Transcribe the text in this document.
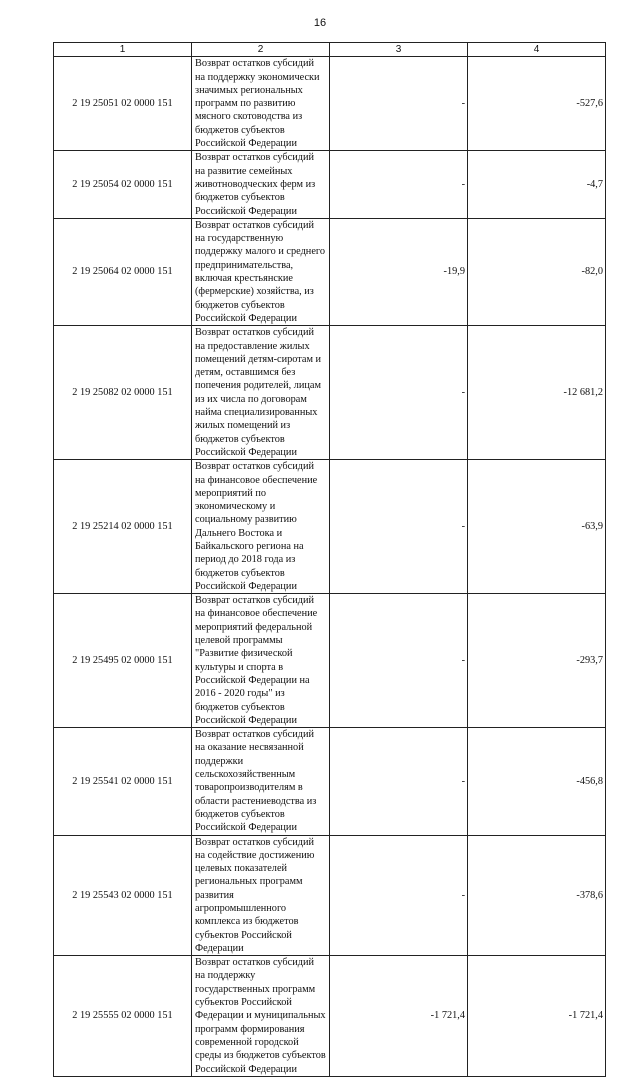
16
1	2	3	4
2 19 25051 02 0000 151	Возврат остатков субсидий на поддержку экономически значимых региональных программ по развитию мясного скотоводства из бюджетов субъектов Российской Федерации	-	-527,6
2 19 25054 02 0000 151	Возврат остатков субсидий на развитие семейных животноводческих ферм из бюджетов субъектов Российской Федерации	-	-4,7
2 19 25064 02 0000 151	Возврат остатков субсидий на государственную поддержку малого и среднего предпринимательства, включая крестьянские (фермерские) хозяйства, из бюджетов субъектов Российской Федерации	-19,9	-82,0
2 19 25082 02 0000 151	Возврат остатков субсидий на предоставление жилых помещений детям-сиротам и детям, оставшимся без попечения родителей, лицам из их числа по договорам найма специализированных жилых помещений из бюджетов субъектов Российской Федерации	-	-12 681,2
2 19 25214 02 0000 151	Возврат остатков субсидий на финансовое обеспечение мероприятий по экономическому и социальному развитию Дальнего Востока и Байкальского региона на период до 2018 года из бюджетов субъектов Российской Федерации	-	-63,9
2 19 25495 02 0000 151	Возврат остатков субсидий на финансовое обеспечение мероприятий федеральной целевой программы "Развитие физической культуры и спорта в Российской Федерации на 2016 - 2020 годы" из бюджетов субъектов Российской Федерации	-	-293,7
2 19 25541 02 0000 151	Возврат остатков субсидий на оказание несвязанной поддержки сельскохозяйственным товаропроизводителям в области растениеводства из бюджетов субъектов Российской Федерации	-	-456,8
2 19 25543 02 0000 151	Возврат остатков субсидий на содействие достижению целевых показателей региональных программ развития агропромышленного комплекса из бюджетов субъектов Российской Федерации	-	-378,6
2 19 25555 02 0000 151	Возврат остатков субсидий на поддержку государственных программ субъектов Российской Федерации и муниципальных программ формирования современной городской среды из бюджетов субъектов Российской Федерации	-1 721,4	-1 721,4
